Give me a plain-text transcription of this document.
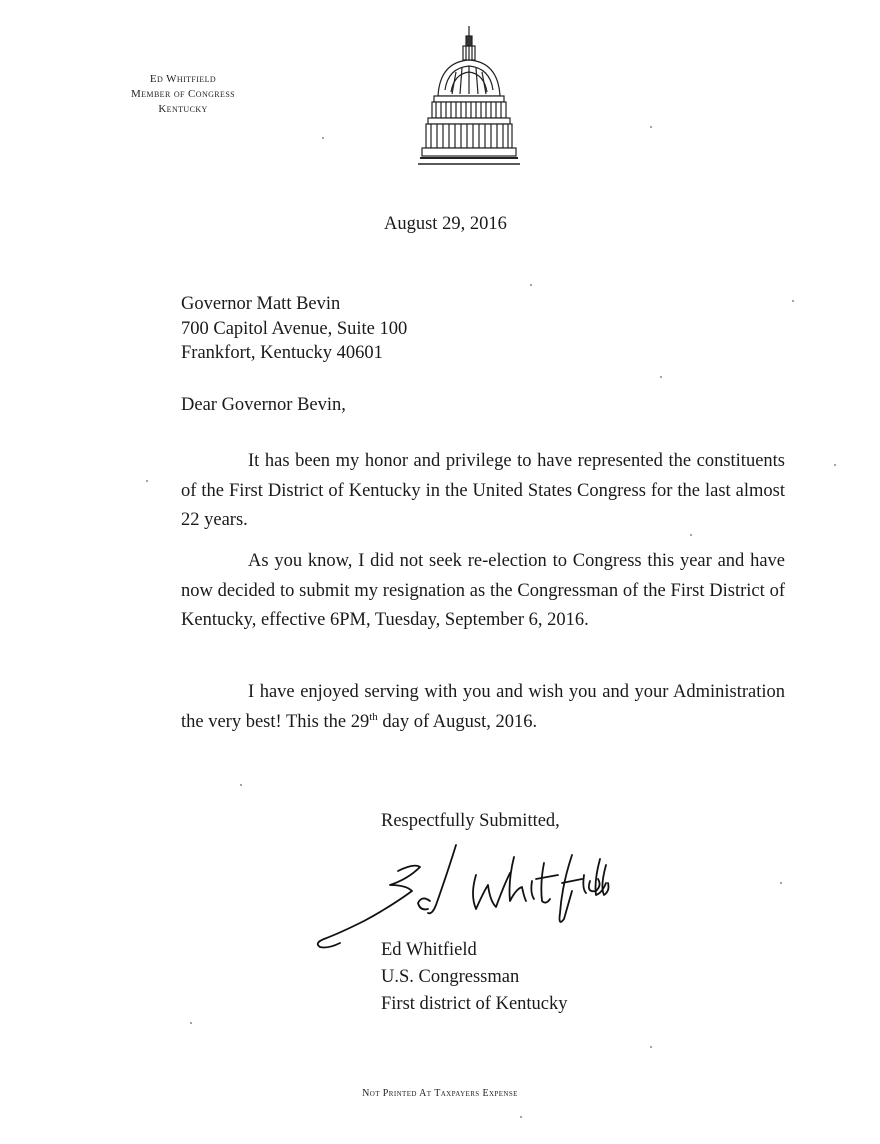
Ed Whitfield
Member of Congress
Kentucky
August 29, 2016
Governor Matt Bevin
700 Capitol Avenue, Suite 100
Frankfort, Kentucky 40601
Dear Governor Bevin,

It has been my honor and privilege to have represented the constituents of the First District of Kentucky in the United States Congress for the last almost 22 years.

As you know, I did not seek re-election to Congress this year and have now decided to submit my resignation as the Congressman of the First District of Kentucky, effective 6PM, Tuesday, September 6, 2016.

I have enjoyed serving with you and wish you and your Administration the very best! This the 29th day of August, 2016.

Respectfully Submitted,
Ed Whitfield
U.S. Congressman
First district of Kentucky
Not Printed At Taxpayers Expense
